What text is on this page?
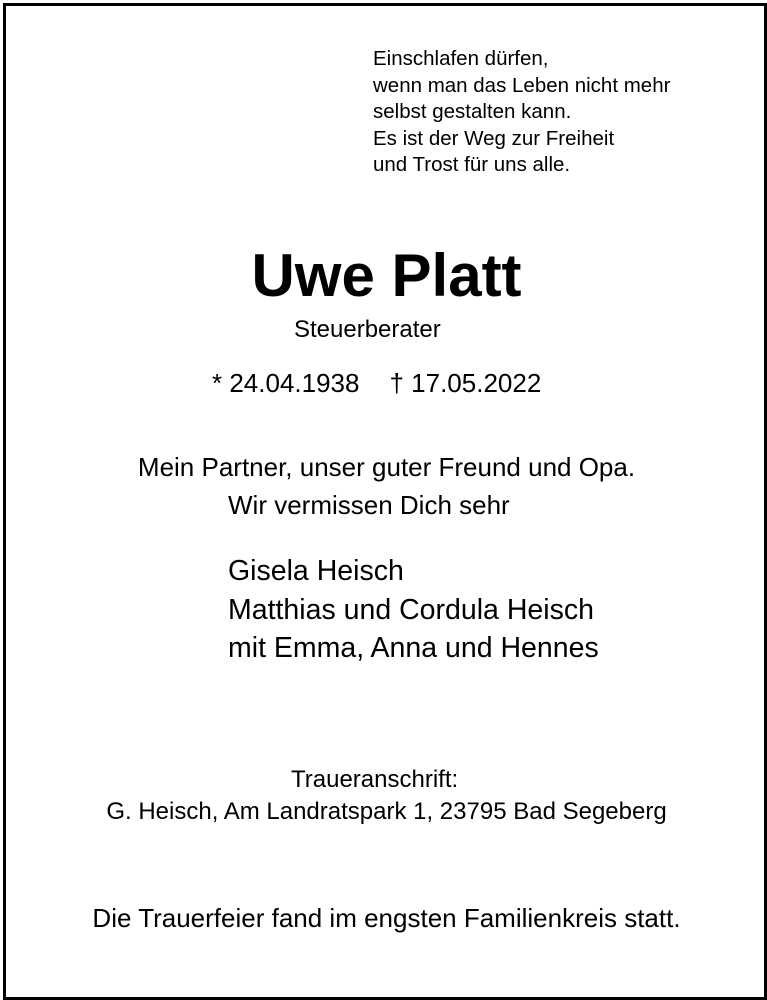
Einschlafen dürfen,
wenn man das Leben nicht mehr
selbst gestalten kann.
Es ist der Weg zur Freiheit
und Trost für uns alle.
Uwe Platt
Steuerberater
* 24.04.1938 † 17.05.2022
Mein Partner, unser guter Freund und Opa.
Wir vermissen Dich sehr
Gisela Heisch
Matthias und Cordula Heisch
mit Emma, Anna und Hennes
Traueranschrift:
G. Heisch, Am Landratspark 1, 23795 Bad Segeberg
Die Trauerfeier fand im engsten Familienkreis statt.
